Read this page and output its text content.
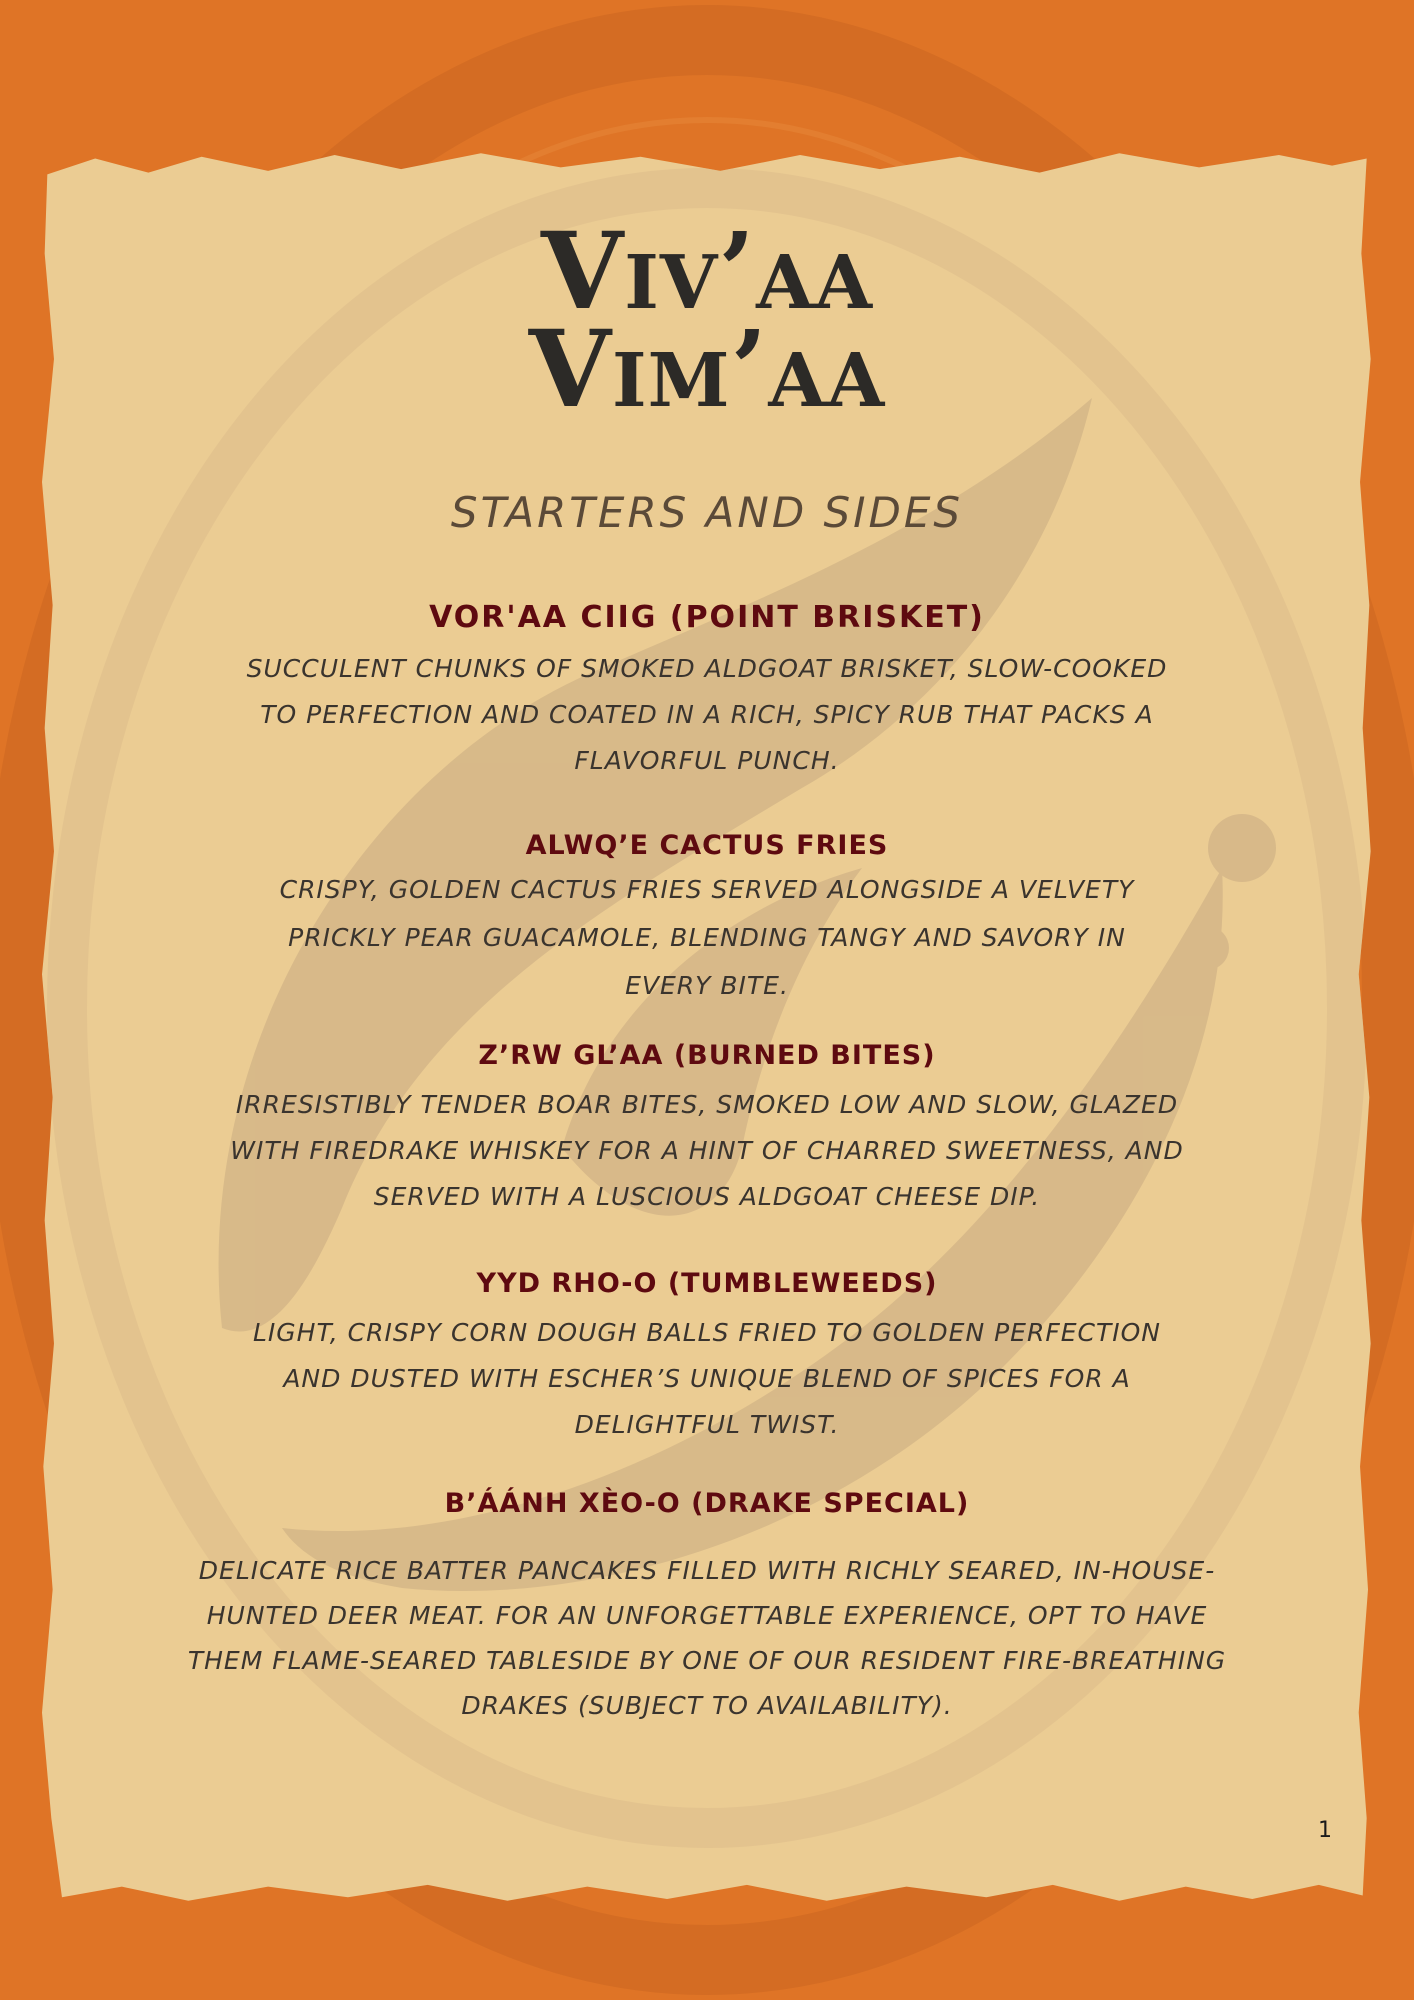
Viv’aa
Vim’aa
STARTERS AND SIDES
VOR'AA CIIG (POINT BRISKET)
SUCCULENT CHUNKS OF SMOKED ALDGOAT BRISKET, SLOW-COOKED TO PERFECTION AND COATED IN A RICH, SPICY RUB THAT PACKS A FLAVORFUL PUNCH.
ALWQ’E CACTUS FRIES
CRISPY, GOLDEN CACTUS FRIES SERVED ALONGSIDE A VELVETY PRICKLY PEAR GUACAMOLE, BLENDING TANGY AND SAVORY IN EVERY BITE.
Z’RW GL’AA (BURNED BITES)
IRRESISTIBLY TENDER BOAR BITES, SMOKED LOW AND SLOW, GLAZED WITH FIREDRAKE WHISKEY FOR A HINT OF CHARRED SWEETNESS, AND SERVED WITH A LUSCIOUS ALDGOAT CHEESE DIP.
YYD RHO-O (TUMBLEWEEDS)
LIGHT, CRISPY CORN DOUGH BALLS FRIED TO GOLDEN PERFECTION AND DUSTED WITH ESCHER’S UNIQUE BLEND OF SPICES FOR A DELIGHTFUL TWIST.
B’ÁÁNH XÈO-O (DRAKE SPECIAL)
DELICATE RICE BATTER PANCAKES FILLED WITH RICHLY SEARED, IN-HOUSE-HUNTED DEER MEAT. FOR AN UNFORGETTABLE EXPERIENCE, OPT TO HAVE THEM FLAME-SEARED TABLESIDE BY ONE OF OUR RESIDENT FIRE-BREATHING DRAKES (SUBJECT TO AVAILABILITY).
1
